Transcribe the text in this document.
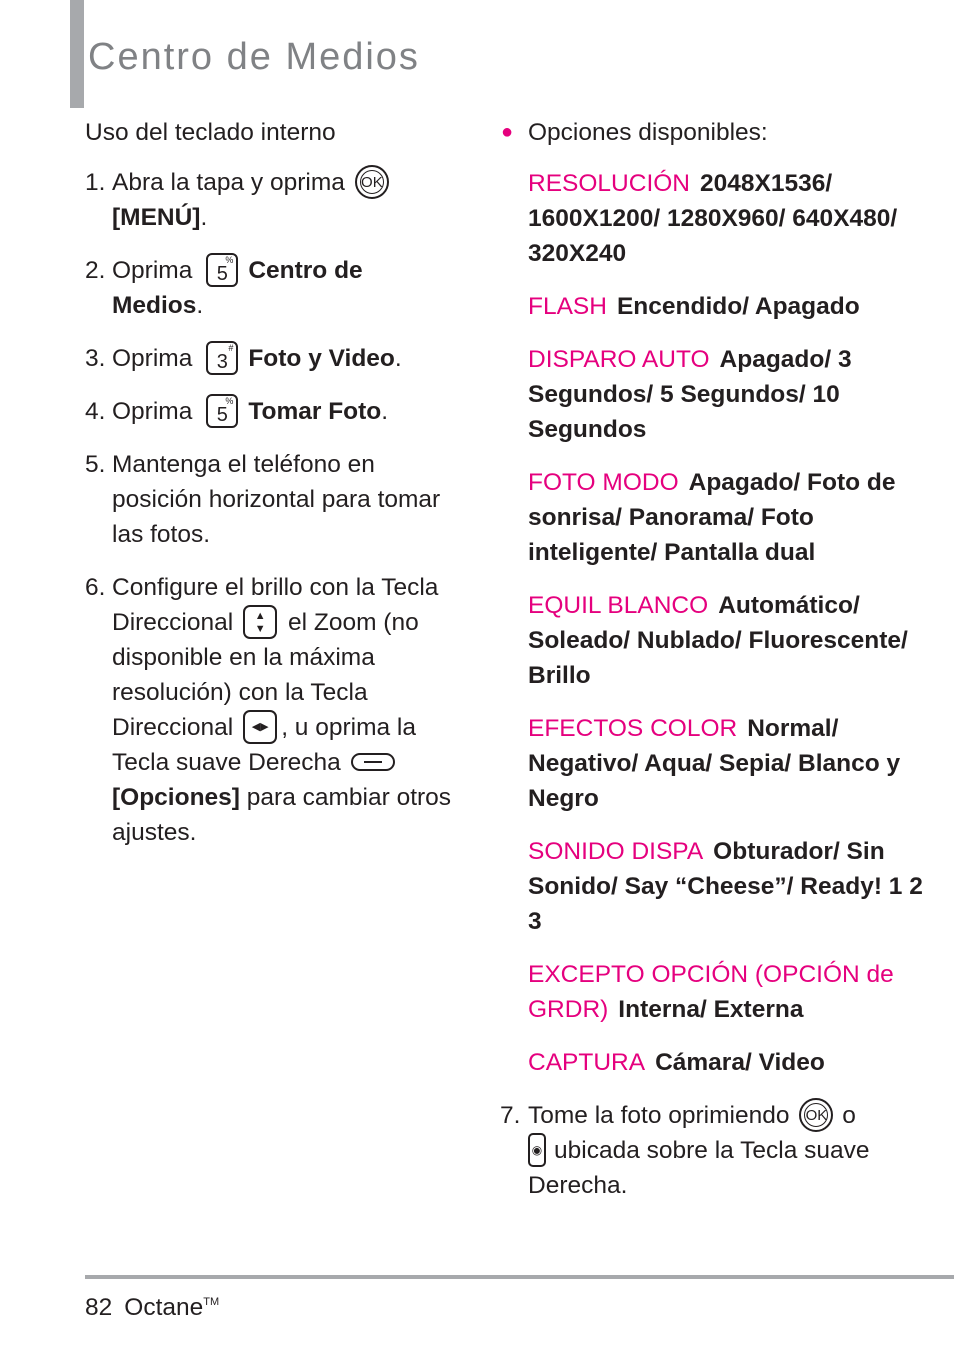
Centro de Medios
Uso del teclado interno
1. Abra la tapa y oprima OK
[MENÚ].
2. Oprima	%
5 Centro de Medios.
3. Oprima	#
3 Foto y Video.
4. Oprima	%
5 Tomar Foto.
5. Mantenga el teléfono en posición horizontal para tomar las fotos.
6. Configure el brillo con la Tecla Direccional ▲
▼ el Zoom (no disponible en la máxima resolución) con la Tecla Direccional ◀▶ , u oprima la Tecla suave Derecha
[Opciones] para cambiar otros ajustes.
● Opciones disponibles:
RESOLUCIÓN 2048X1536/ 1600X1200/ 1280X960/ 640X480/ 320X240
FLASH Encendido/ Apagado
DISPARO AUTO Apagado/ 3 Segundos/ 5 Segundos/ 10 Segundos
FOTO MODO Apagado/ Foto de sonrisa/ Panorama/ Foto inteligente/ Pantalla dual
EQUIL BLANCO Automático/ Soleado/ Nublado/ Fluorescente/ Brillo
EFECTOS COLOR Normal/ Negativo/ Aqua/ Sepia/ Blanco y Negro
SONIDO DISPA Obturador/ Sin Sonido/ Say “Cheese”/ Ready! 1 2 3
EXCEPTO OPCIÓN (OPCIÓN de GRDR) Interna/ Externa
CAPTURA Cámara/ Video
7. Tome la foto oprimiendo OK o
◉ ubicada sobre la Tecla suave Derecha.
82 Octane™
